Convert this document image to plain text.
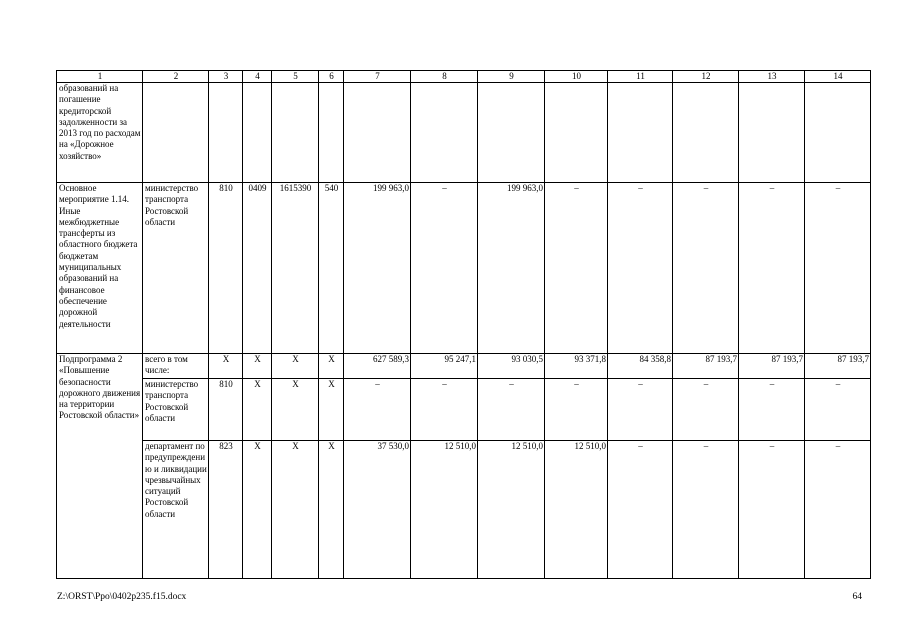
1	2	3	4	5	6	7	8	9	10	11	12	13	14
образований на погашение кредиторской задолженности за 2013 год по расходам на «Дорожное хозяйство»													
Основное мероприятие 1.14. Иные межбюджетные трансферты из областного бюджета бюджетам муниципальных образований на финансовое обеспечение дорожной деятельности	министерство транспорта Ростовской области	810	0409	1615390	540	199 963,0	–	199 963,0	–	–	–	–	–
Подпрограмма 2 «Повышение безопасности дорожного движения на территории Ростовской области»	всего в том числе:	Х	Х	Х	Х	627 589,3	95 247,1	93 030,5	93 371,8	84 358,8	87 193,7	87 193,7	87 193,7
	министерство транспорта Ростовской области	810	Х	Х	Х	–	–	–	–	–	–	–	–
	департамент по предупреждению и ликвидации чрезвычайных ситуаций Ростовской области	823	Х	Х	Х	37 530,0	12 510,0	12 510,0	12 510,0	–	–	–	–
Z:\ORST\Ppo\0402p235.f15.docx	64
